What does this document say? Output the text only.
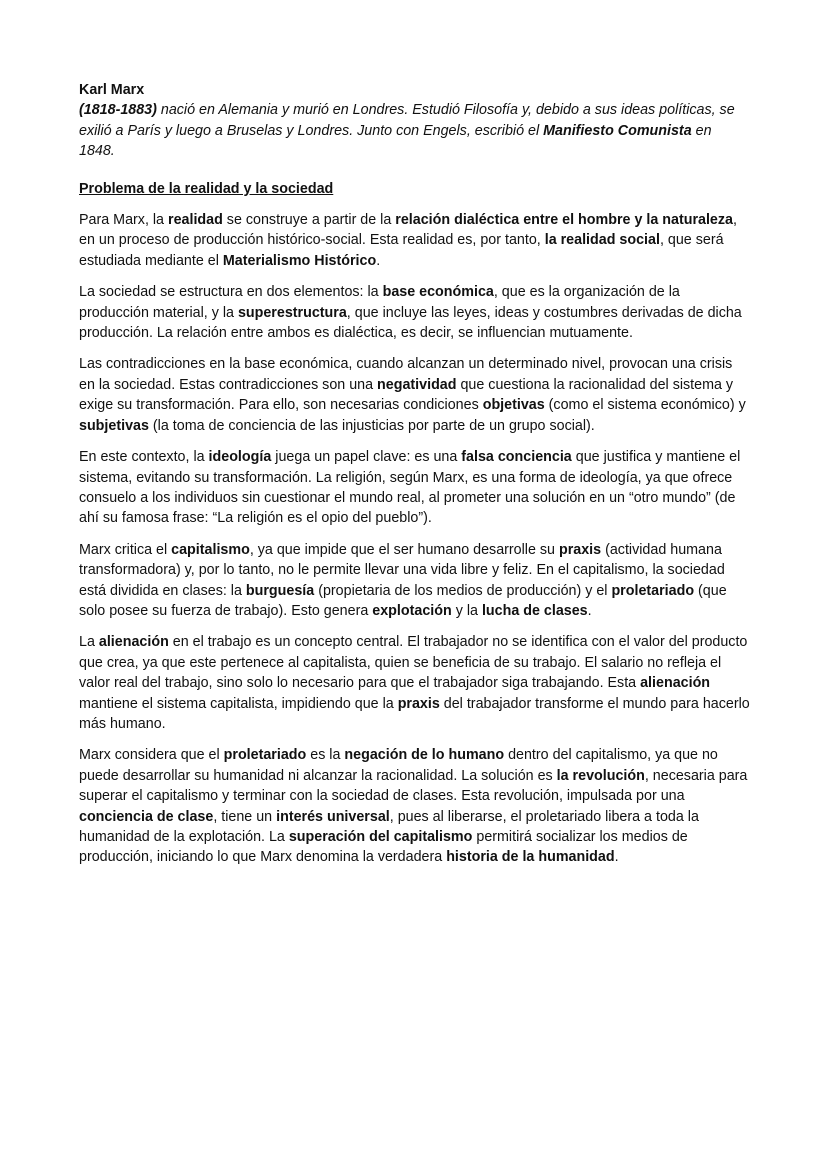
Karl Marx

(1818-1883) nació en Alemania y murió en Londres. Estudió Filosofía y, debido a sus ideas políticas, se exilió a París y luego a Bruselas y Londres. Junto con Engels, escribió el Manifiesto Comunista en 1848.

Problema de la realidad y la sociedad

Para Marx, la realidad se construye a partir de la relación dialéctica entre el hombre y la naturaleza, en un proceso de producción histórico-social. Esta realidad es, por tanto, la realidad social, que será estudiada mediante el Materialismo Histórico.

La sociedad se estructura en dos elementos: la base económica, que es la organización de la producción material, y la superestructura, que incluye las leyes, ideas y costumbres derivadas de dicha producción. La relación entre ambos es dialéctica, es decir, se influencian mutuamente.

Las contradicciones en la base económica, cuando alcanzan un determinado nivel, provocan una crisis en la sociedad. Estas contradicciones son una negatividad que cuestiona la racionalidad del sistema y exige su transformación. Para ello, son necesarias condiciones objetivas (como el sistema económico) y subjetivas (la toma de conciencia de las injusticias por parte de un grupo social).

En este contexto, la ideología juega un papel clave: es una falsa conciencia que justifica y mantiene el sistema, evitando su transformación. La religión, según Marx, es una forma de ideología, ya que ofrece consuelo a los individuos sin cuestionar el mundo real, al prometer una solución en un “otro mundo” (de ahí su famosa frase: “La religión es el opio del pueblo”).

Marx critica el capitalismo, ya que impide que el ser humano desarrolle su praxis (actividad humana transformadora) y, por lo tanto, no le permite llevar una vida libre y feliz. En el capitalismo, la sociedad está dividida en clases: la burguesía (propietaria de los medios de producción) y el proletariado (que solo posee su fuerza de trabajo). Esto genera explotación y la lucha de clases.

La alienación en el trabajo es un concepto central. El trabajador no se identifica con el valor del producto que crea, ya que este pertenece al capitalista, quien se beneficia de su trabajo. El salario no refleja el valor real del trabajo, sino solo lo necesario para que el trabajador siga trabajando. Esta alienación mantiene el sistema capitalista, impidiendo que la praxis del trabajador transforme el mundo para hacerlo más humano.

Marx considera que el proletariado es la negación de lo humano dentro del capitalismo, ya que no puede desarrollar su humanidad ni alcanzar la racionalidad. La solución es la revolución, necesaria para superar el capitalismo y terminar con la sociedad de clases. Esta revolución, impulsada por una conciencia de clase, tiene un interés universal, pues al liberarse, el proletariado libera a toda la humanidad de la explotación. La superación del capitalismo permitirá socializar los medios de producción, iniciando lo que Marx denomina la verdadera historia de la humanidad.
